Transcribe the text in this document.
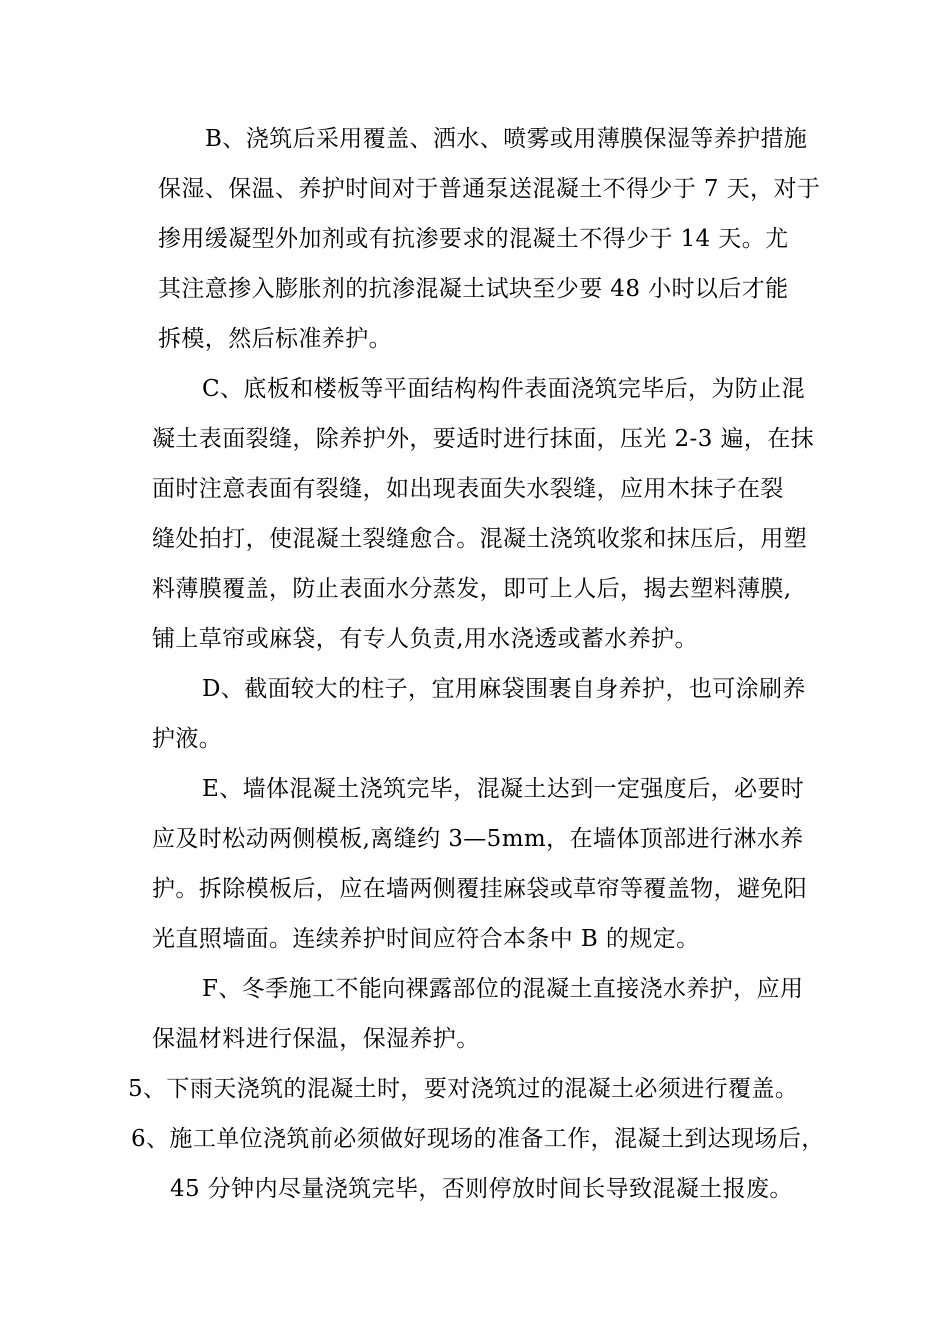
B、浇筑后采用覆盖、洒水、喷雾或用薄膜保湿等养护措施
保湿、保温、养护时间对于普通泵送混凝土不得少于 7 天，对于
掺用缓凝型外加剂或有抗渗要求的混凝土不得少于 14 天。尤
其注意掺入膨胀剂的抗渗混凝土试块至少要 48 小时以后才能
拆模，然后标准养护。
C、底板和楼板等平面结构构件表面浇筑完毕后，为防止混
凝土表面裂缝，除养护外，要适时进行抹面，压光 2-3 遍，在抹
面时注意表面有裂缝，如出现表面失水裂缝，应用木抹子在裂
缝处拍打，使混凝土裂缝愈合。混凝土浇筑收浆和抹压后，用塑
料薄膜覆盖，防止表面水分蒸发，即可上人后，揭去塑料薄膜,
铺上草帘或麻袋，有专人负责,用水浇透或蓄水养护。
D、截面较大的柱子，宜用麻袋围裹自身养护，也可涂刷养
护液。
E、墙体混凝土浇筑完毕，混凝土达到一定强度后，必要时
应及时松动两侧模板,离缝约 3—5mm，在墙体顶部进行淋水养
护。拆除模板后，应在墙两侧覆挂麻袋或草帘等覆盖物，避免阳
光直照墙面。连续养护时间应符合本条中 B 的规定。
F、冬季施工不能向裸露部位的混凝土直接浇水养护，应用
保温材料进行保温，保湿养护。
5、下雨天浇筑的混凝土时，要对浇筑过的混凝土必须进行覆盖。
6、施工单位浇筑前必须做好现场的准备工作，混凝土到达现场后，
45 分钟内尽量浇筑完毕，否则停放时间长导致混凝土报废。
